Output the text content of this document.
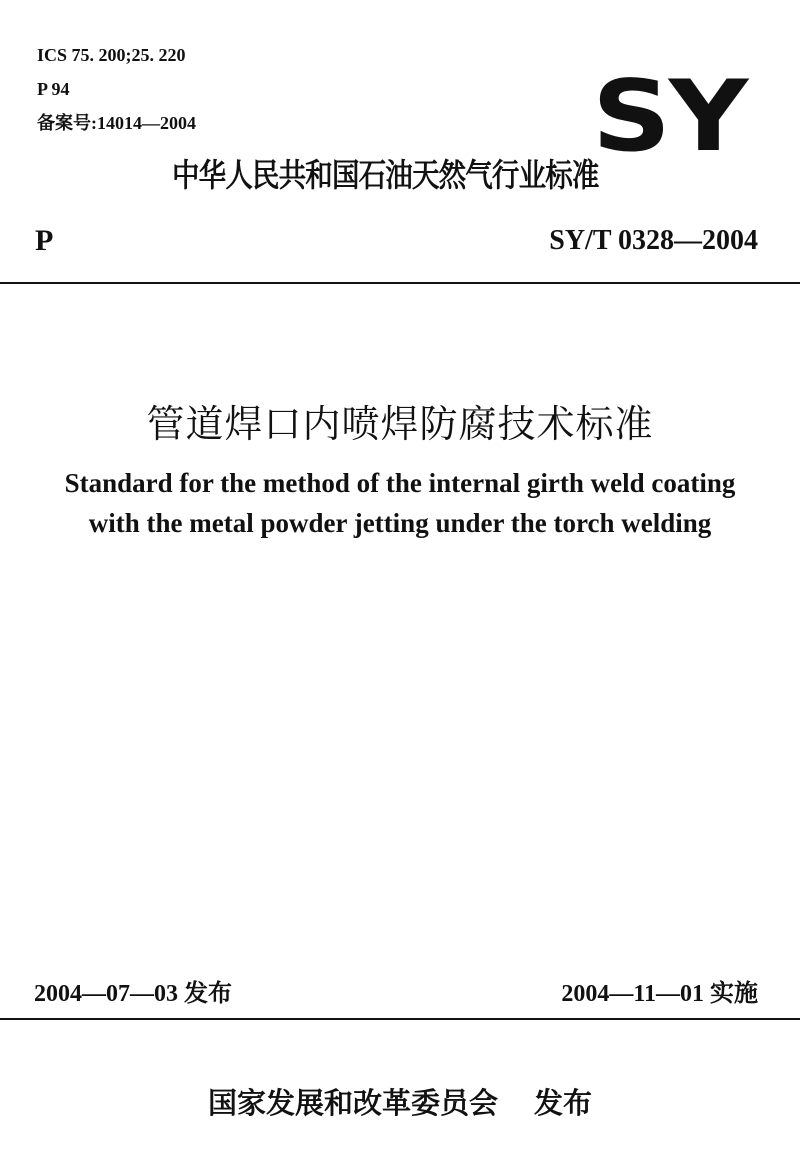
ICS 75. 200;25. 220
P 94
备案号:14014—2004	SY
中华人民共和国石油天然气行业标准
P	SY/T 0328—2004
管道焊口内喷焊防腐技术标准
Standard for the method of the internal girth weld coating
with the metal powder jetting under the torch welding
2004—07—03 发布	2004—11—01 实施
国家发展和改革委员会 发布
